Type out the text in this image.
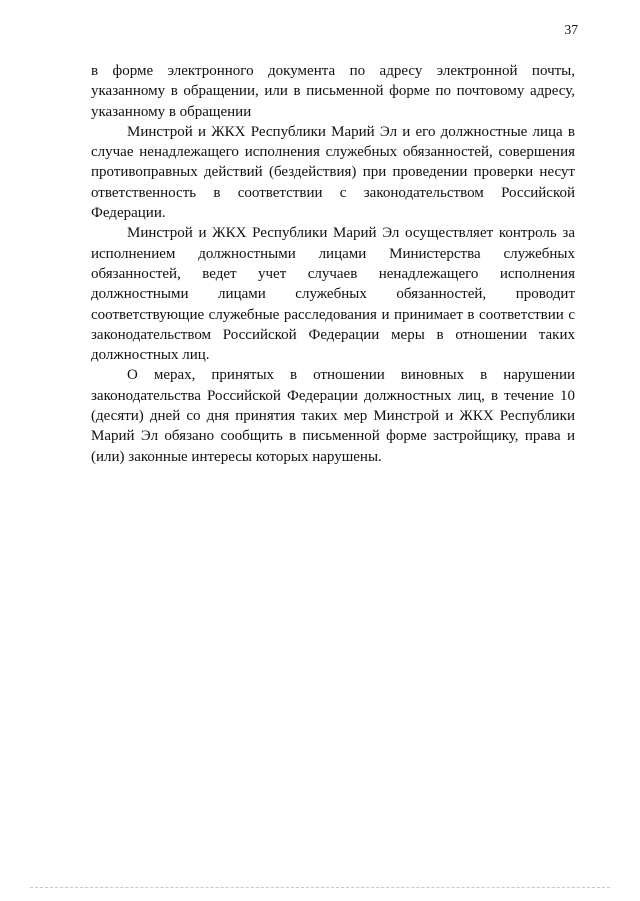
37

в форме электронного документа по адресу электронной почты, указанному в обращении, или в письменной форме по почтовому адресу, указанному в обращении

Минстрой и ЖКХ Республики Марий Эл и его должностные лица в случае ненадлежащего исполнения служебных обязанностей, совершения противоправных действий (бездействия) при проведении проверки несут ответственность в соответствии с законодательством Российской Федерации.

Минстрой и ЖКХ Республики Марий Эл осуществляет контроль за исполнением должностными лицами Министерства служебных обязанностей, ведет учет случаев ненадлежащего исполнения должностными лицами служебных обязанностей, проводит соответствующие служебные расследования и принимает в соответствии с законодательством Российской Федерации меры в отношении таких должностных лиц.

О мерах, принятых в отношении виновных в нарушении законодательства Российской Федерации должностных лиц, в течение 10 (десяти) дней со дня принятия таких мер Минстрой и ЖКХ Республики Марий Эл обязано сообщить в письменной форме застройщику, права и (или) законные интересы которых нарушены.
